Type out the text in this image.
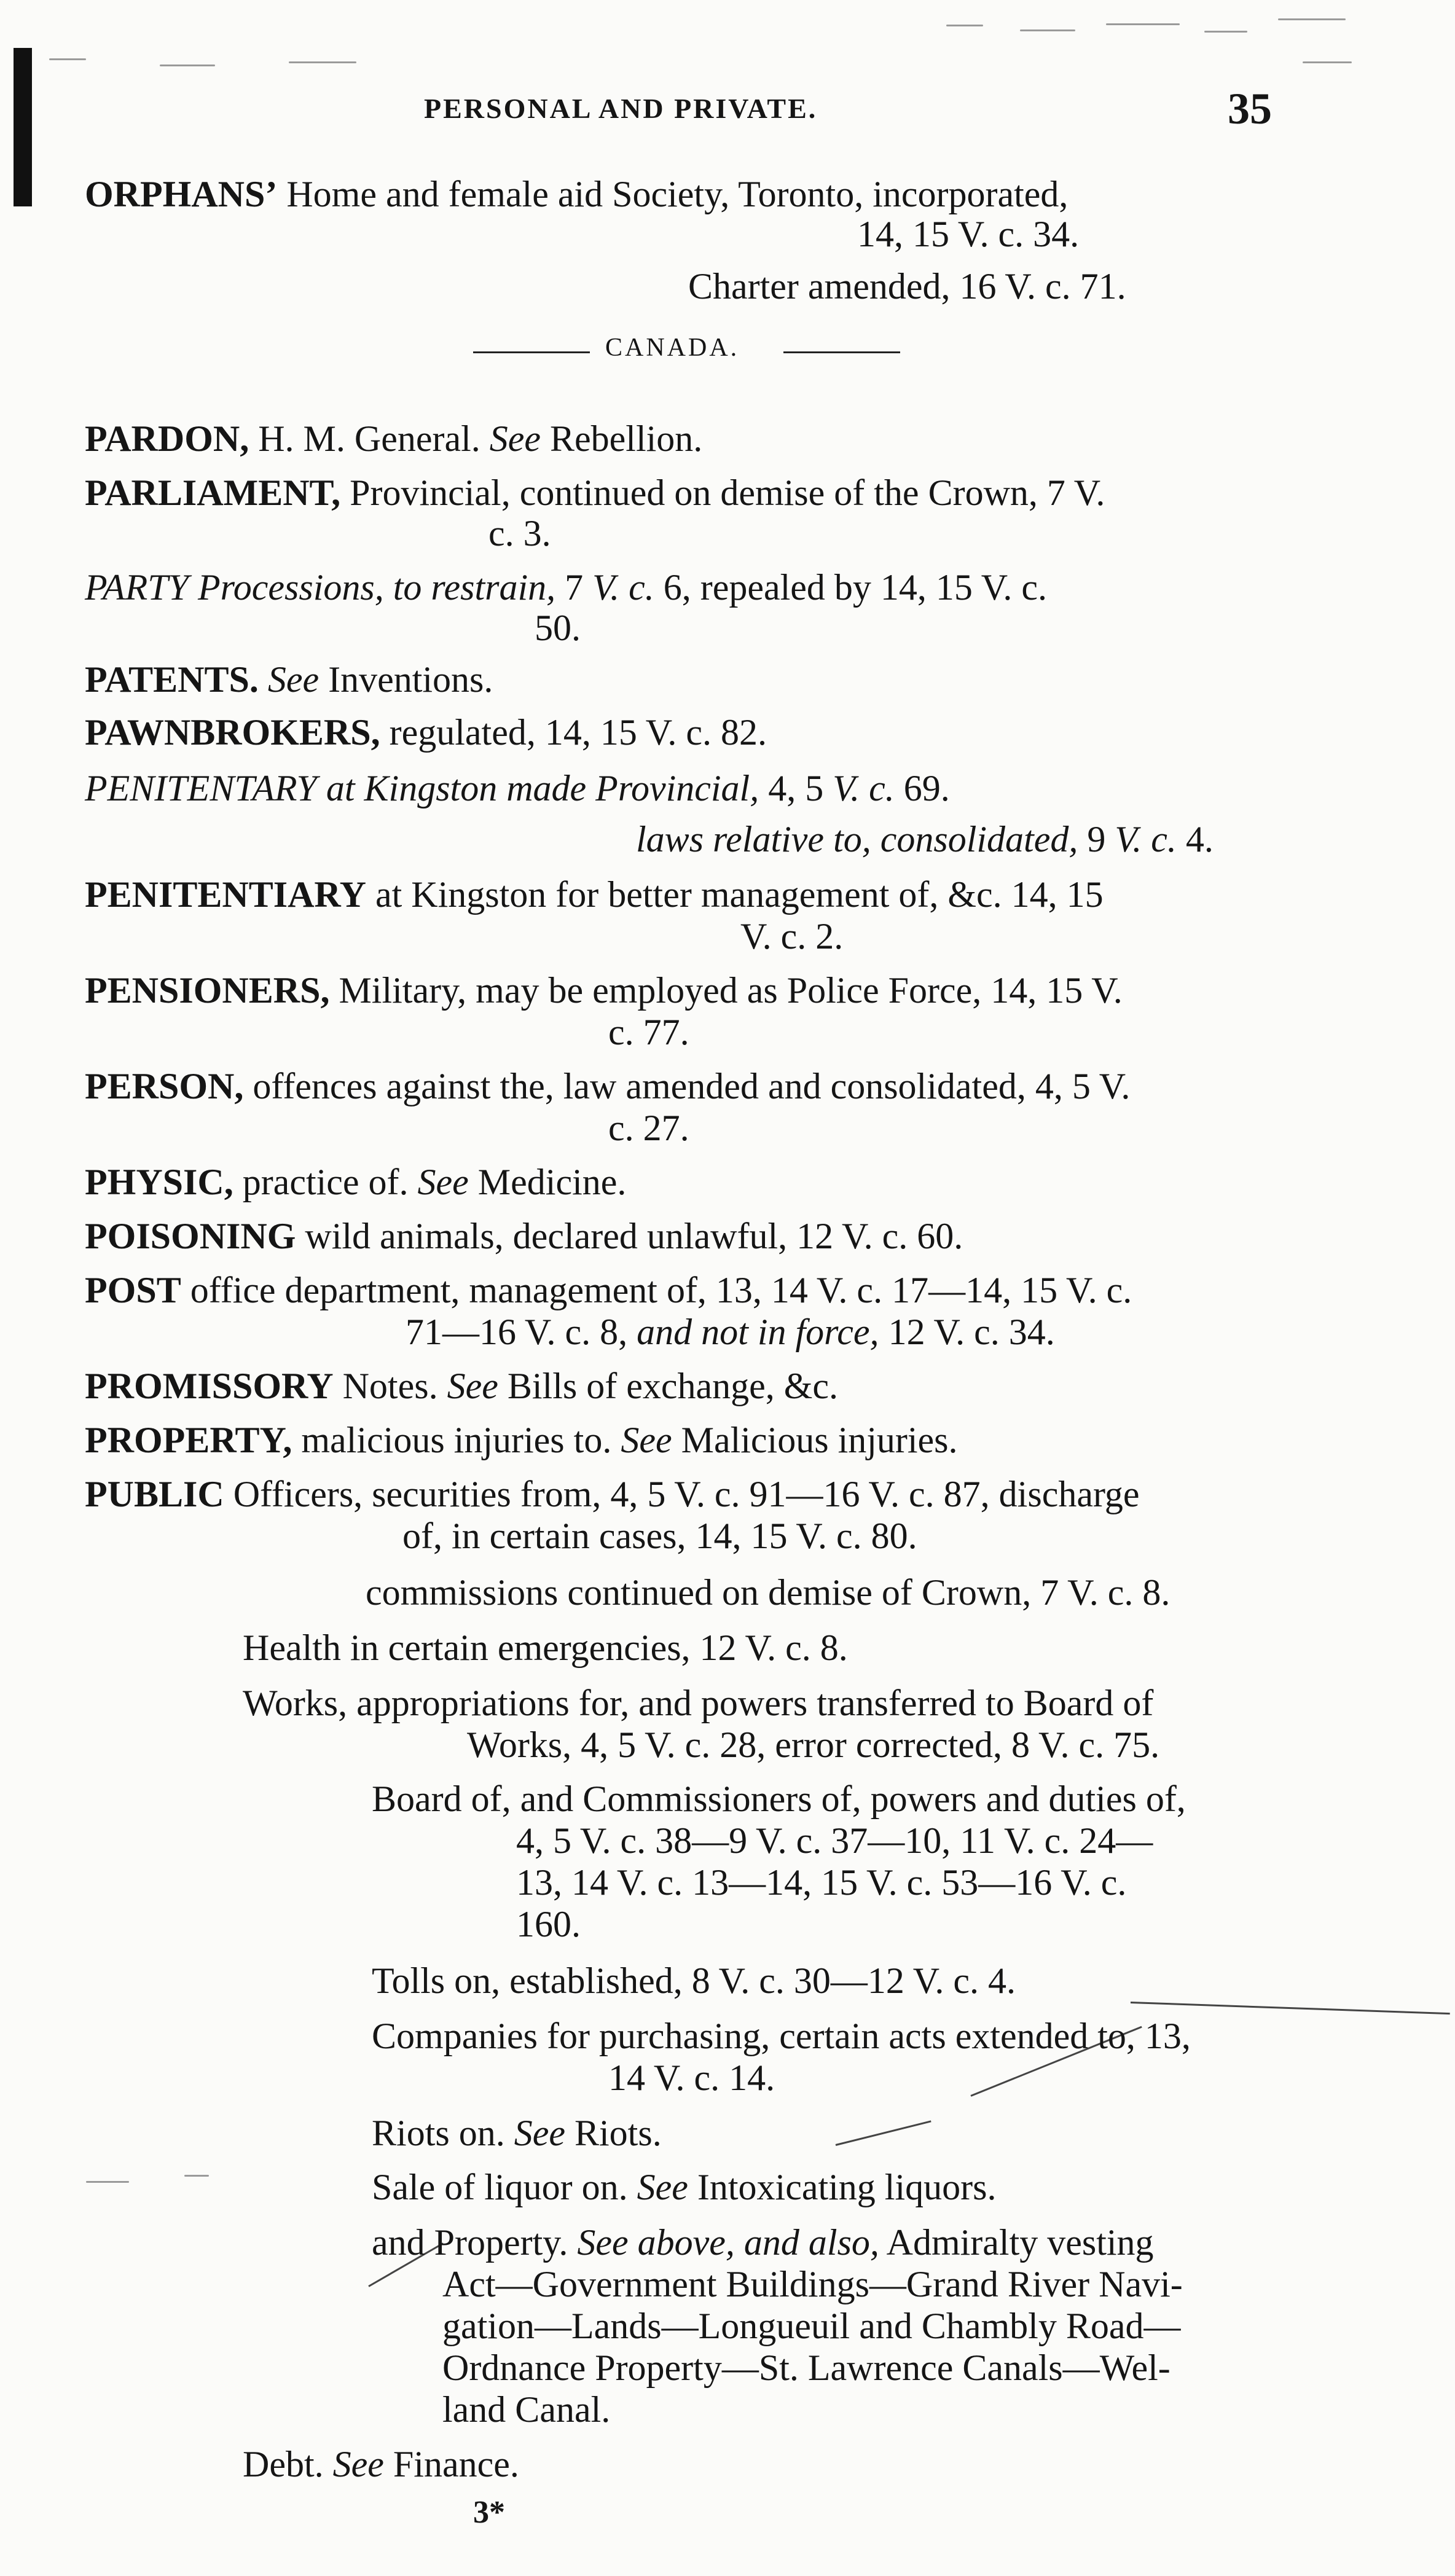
PERSONAL AND PRIVATE.	35
CANADA.
ORPHANS’ Home and female aid Society, Toronto, incorporated,
14, 15 V. c. 34.
Charter amended, 16 V. c. 71.
PARDON, H. M. General. See Rebellion.
PARLIAMENT, Provincial, continued on demise of the Crown, 7 V.
c. 3.
PARTY Processions, to restrain, 7 V. c. 6, repealed by 14, 15 V. c.
50.
PATENTS. See Inventions.
PAWNBROKERS, regulated, 14, 15 V. c. 82.
PENITENTARY at Kingston made Provincial, 4, 5 V. c. 69.
laws relative to, consolidated, 9 V. c. 4.
PENITENTIARY at Kingston for better management of, &c. 14, 15
V. c. 2.
PENSIONERS, Military, may be employed as Police Force, 14, 15 V.
c. 77.
PERSON, offences against the, law amended and consolidated, 4, 5 V.
c. 27.
PHYSIC, practice of. See Medicine.
POISONING wild animals, declared unlawful, 12 V. c. 60.
POST office department, management of, 13, 14 V. c. 17—14, 15 V. c.
71—16 V. c. 8, and not in force, 12 V. c. 34.
PROMISSORY Notes. See Bills of exchange, &c.
PROPERTY, malicious injuries to. See Malicious injuries.
PUBLIC Officers, securities from, 4, 5 V. c. 91—16 V. c. 87, discharge
of, in certain cases, 14, 15 V. c. 80.
commissions continued on demise of Crown, 7 V. c. 8.
Health in certain emergencies, 12 V. c. 8.
Works, appropriations for, and powers transferred to Board of
Works, 4, 5 V. c. 28, error corrected, 8 V. c. 75.
Board of, and Commissioners of, powers and duties of,
4, 5 V. c. 38—9 V. c. 37—10, 11 V. c. 24—
13, 14 V. c. 13—14, 15 V. c. 53—16 V. c.
160.
Tolls on, established, 8 V. c. 30—12 V. c. 4.
Companies for purchasing, certain acts extended to, 13,
14 V. c. 14.
Riots on. See Riots.
Sale of liquor on. See Intoxicating liquors.
and Property. See above, and also, Admiralty vesting
Act—Government Buildings—Grand River Navi-
gation—Lands—Longueuil and Chambly Road—
Ordnance Property—St. Lawrence Canals—Wel-
land Canal.
Debt. See Finance.
3*
